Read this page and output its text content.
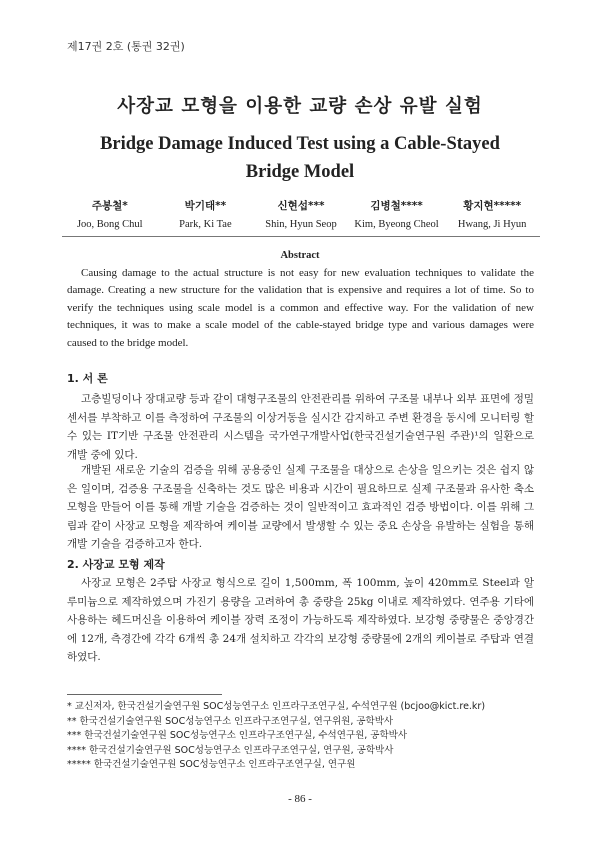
제17권 2호 (통권 32권)
사장교 모형을 이용한 교량 손상 유발 실험
Bridge Damage Induced Test using a Cable-Stayed Bridge Model
주봉철*
Joo, Bong Chul
박기태**
Park, Ki Tae
신현섭***
Shin, Hyun Seop
김병철****
Kim, Byeong Cheol
황지현*****
Hwang, Ji Hyun
Abstract

Causing damage to the actual structure is not easy for new evaluation techniques to validate the damage. Creating a new structure for the validation that is expensive and requires a lot of time. So to verify the techniques using scale model is a common and effective way. For the validation of new techniques, it was to make a scale model of the cable-stayed bridge type and various damages were caused to the bridge model.

1. 서 론

고층빌딩이나 장대교량 등과 같이 대형구조물의 안전관리를 위하여 구조물 내부나 외부 표면에 정밀센서를 부착하고 이를 측정하여 구조물의 이상거동을 실시간 감지하고 주변 환경을 동시에 모니터링 할 수 있는 IT기반 구조물 안전관리 시스템을 국가연구개발사업(한국건설기술연구원 주관)¹의 일환으로 개발 중에 있다.

개발된 새로운 기술의 검증을 위해 공용중인 실제 구조물을 대상으로 손상을 일으키는 것은 쉽지 않은 일이며, 검증용 구조물을 신축하는 것도 많은 비용과 시간이 필요하므로 실제 구조물과 유사한 축소 모형을 만들어 이를 통해 개발 기술을 검증하는 것이 일반적이고 효과적인 검증 방법이다. 이를 위해 그림과 같이 사장교 모형을 제작하여 케이블 교량에서 발생할 수 있는 중요 손상을 유발하는 실험을 통해 개발 기술을 검증하고자 한다.

2. 사장교 모형 제작

사장교 모형은 2주탑 사장교 형식으로 길이 1,500mm, 폭 100mm, 높이 420mm로 Steel과 알루미늄으로 제작하였으며 가진기 용량을 고려하여 총 중량을 25kg 이내로 제작하였다. 연주용 기타에 사용하는 헤드머신을 이용하여 케이블 장력 조정이 가능하도록 제작하였다. 보강형 중량물은 중앙경간에 12개, 측경간에 각각 6개씩 총 24개 설치하고 각각의 보강형 중량물에 2개의 케이블로 주탑과 연결하였다.

* 교신저자, 한국건설기술연구원 SOC성능연구소 인프라구조연구실, 수석연구원 (bcjoo@kict.re.kr)
** 한국건설기술연구원 SOC성능연구소 인프라구조연구실, 연구위원, 공학박사
*** 한국건설기술연구원 SOC성능연구소 인프라구조연구실, 수석연구원, 공학박사
**** 한국건설기술연구원 SOC성능연구소 인프라구조연구실, 연구원, 공학박사
***** 한국건설기술연구원 SOC성능연구소 인프라구조연구실, 연구원
- 86 -
